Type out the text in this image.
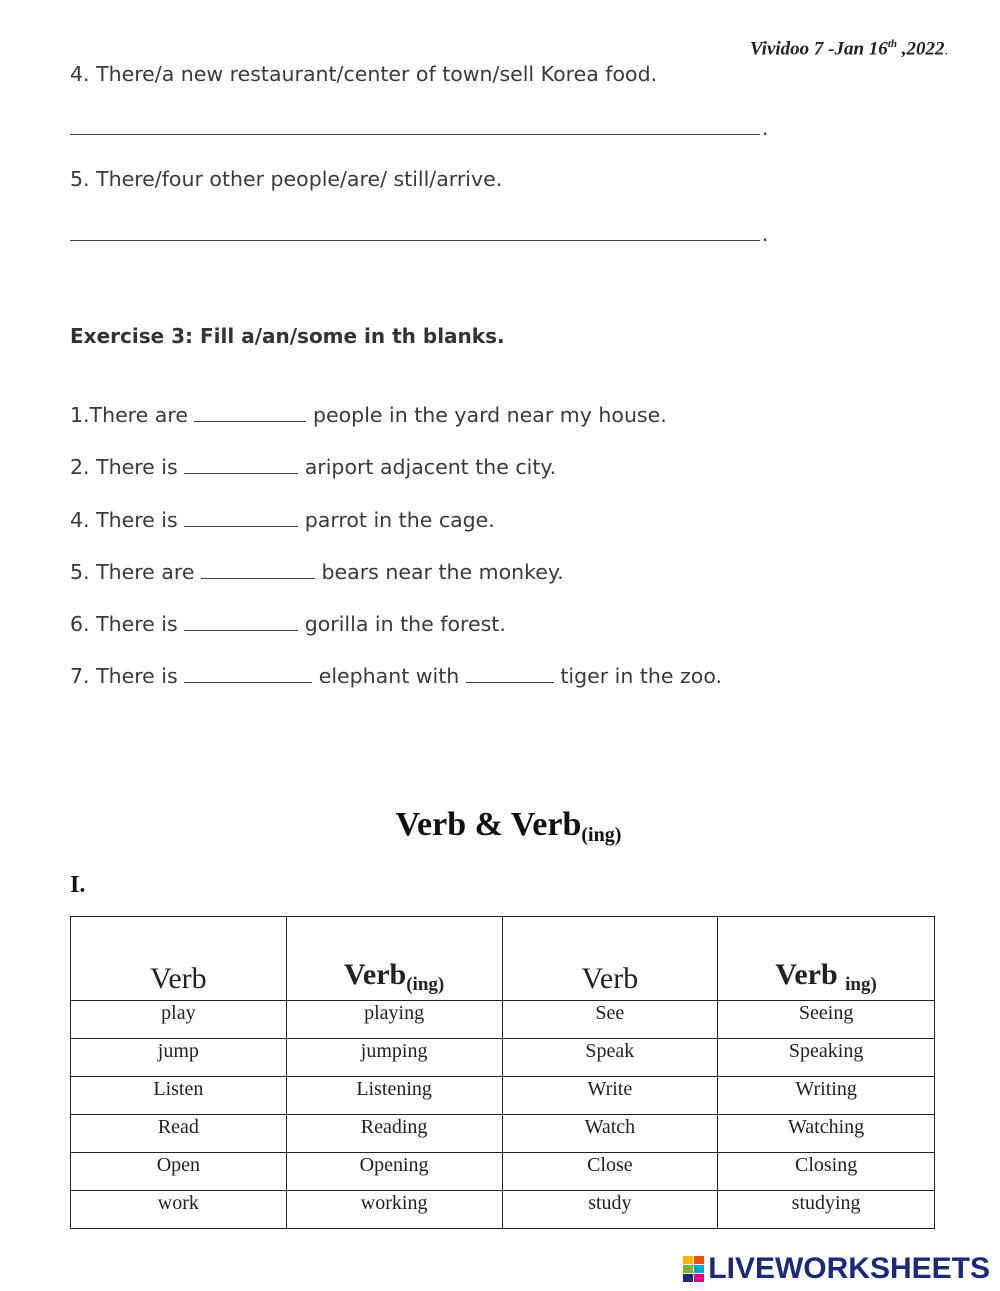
Vividoo 7 -Jan 16th ,2022.
4. There/a new restaurant/center of town/sell Korea food.
.
5. There/four other people/are/ still/arrive.
.
Exercise 3: Fill a/an/some in th blanks.
1.There are	people in the yard near my house.
2. There is	ariport adjacent the city.
4. There is	parrot in the cage.
5. There are	bears near the monkey.
6. There is	gorilla in the forest.
7. There is	elephant with	tiger in the zoo.
Verb & Verb$_{(ing)}$
I.
Verb	Verb$_{(ing)}$	Verb	Verb $_{ing)}$
play	playing	See	Seeing
jump	jumping	Speak	Speaking
Listen	Listening	Write	Writing
Read	Reading	Watch	Watching
Open	Opening	Close	Closing
work	working	study	studying
LIVEWORKSHEETS
